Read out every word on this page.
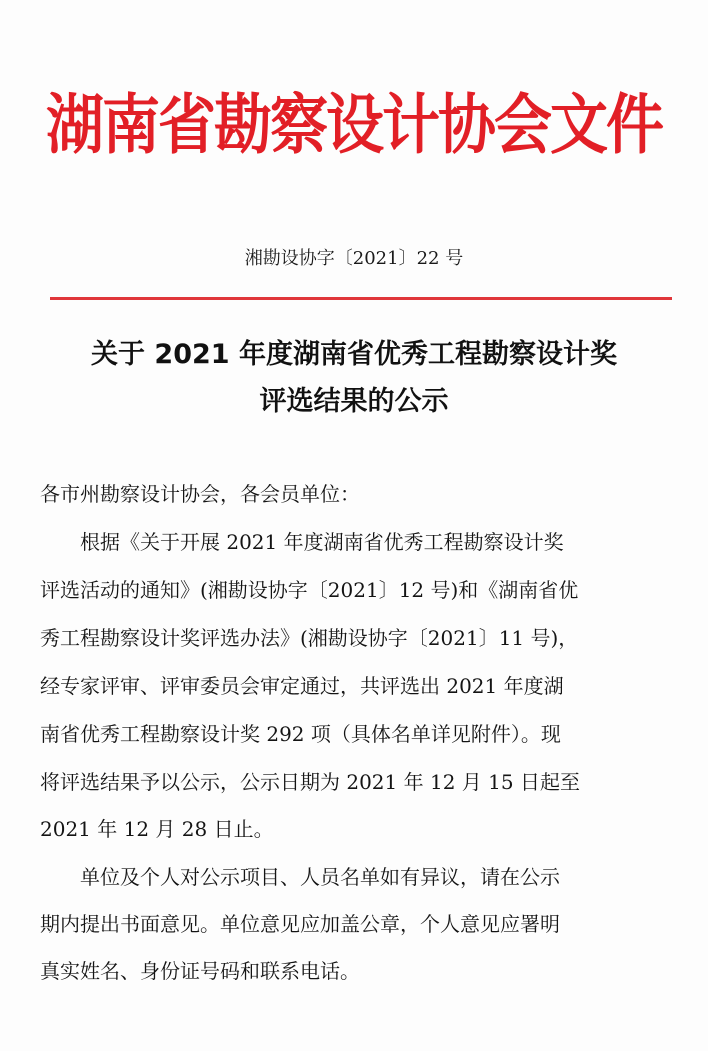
湖南省勘察设计协会文件
湘勘设协字〔2021〕22 号
关于 2021 年度湖南省优秀工程勘察设计奖
评选结果的公示
各市州勘察设计协会，各会员单位：
　　根据《关于开展 2021 年度湖南省优秀工程勘察设计奖
评选活动的通知》(湘勘设协字〔2021〕12 号)和《湖南省优
秀工程勘察设计奖评选办法》(湘勘设协字〔2021〕11 号)，
经专家评审、评审委员会审定通过，共评选出 2021 年度湖
南省优秀工程勘察设计奖 292 项（具体名单详见附件）。现
将评选结果予以公示，公示日期为 2021 年 12 月 15 日起至
2021 年 12 月 28 日止。
　　单位及个人对公示项目、人员名单如有异议，请在公示
期内提出书面意见。单位意见应加盖公章，个人意见应署明
真实姓名、身份证号码和联系电话。
